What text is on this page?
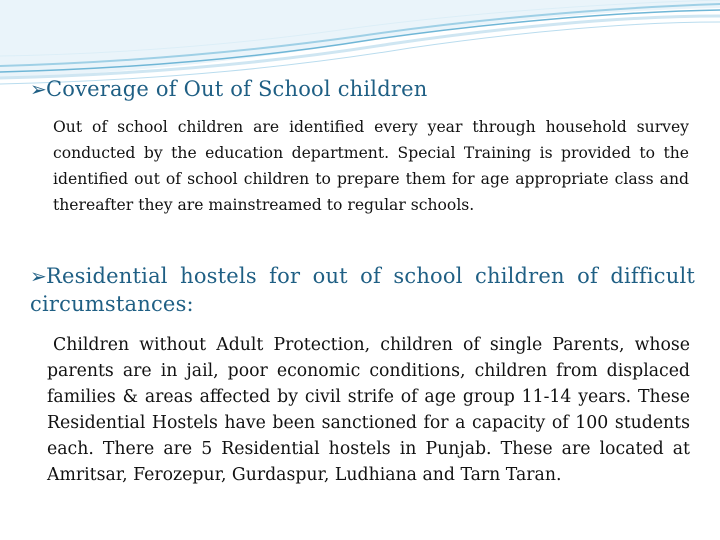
➢Coverage of Out of School children
Out of school children are identified every year through household survey conducted by the education department. Special Training is provided to the identified out of school children to prepare them for age appropriate class and thereafter they are mainstreamed to regular schools.
➢Residential hostels for out of school children of difficult circumstances:
Children without Adult Protection, children of single Parents, whose parents are in jail, poor economic conditions, children from displaced families & areas affected by civil strife of age group 11-14 years. These Residential Hostels have been sanctioned for a capacity of 100 students each. There are 5 Residential hostels in Punjab. These are located at Amritsar, Ferozepur, Gurdaspur, Ludhiana and Tarn Taran.
